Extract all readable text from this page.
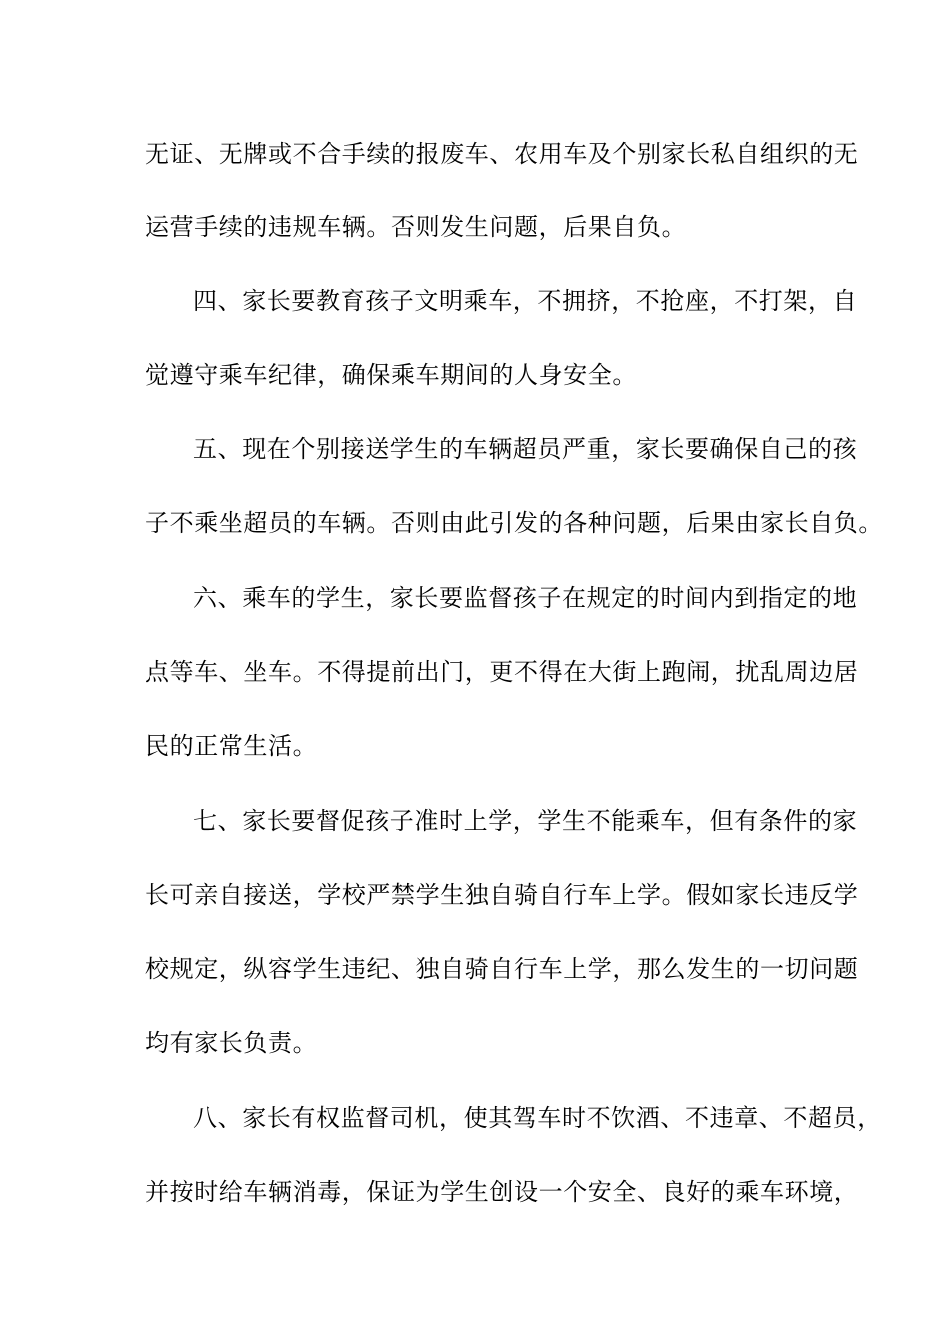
无证、无牌或不合手续的报废车、农用车及个别家长私自组织的无
运营手续的违规车辆。否则发生问题，后果自负。
四、家长要教育孩子文明乘车，不拥挤，不抢座，不打架，自
觉遵守乘车纪律，确保乘车期间的人身安全。
五、现在个别接送学生的车辆超员严重，家长要确保自己的孩
子不乘坐超员的车辆。否则由此引发的各种问题，后果由家长自负。
六、乘车的学生，家长要监督孩子在规定的时间内到指定的地
点等车、坐车。不得提前出门，更不得在大街上跑闹，扰乱周边居
民的正常生活。
七、家长要督促孩子准时上学，学生不能乘车，但有条件的家
长可亲自接送，学校严禁学生独自骑自行车上学。假如家长违反学
校规定，纵容学生违纪、独自骑自行车上学，那么发生的一切问题
均有家长负责。
八、家长有权监督司机，使其驾车时不饮酒、不违章、不超员，
并按时给车辆消毒，保证为学生创设一个安全、良好的乘车环境，
